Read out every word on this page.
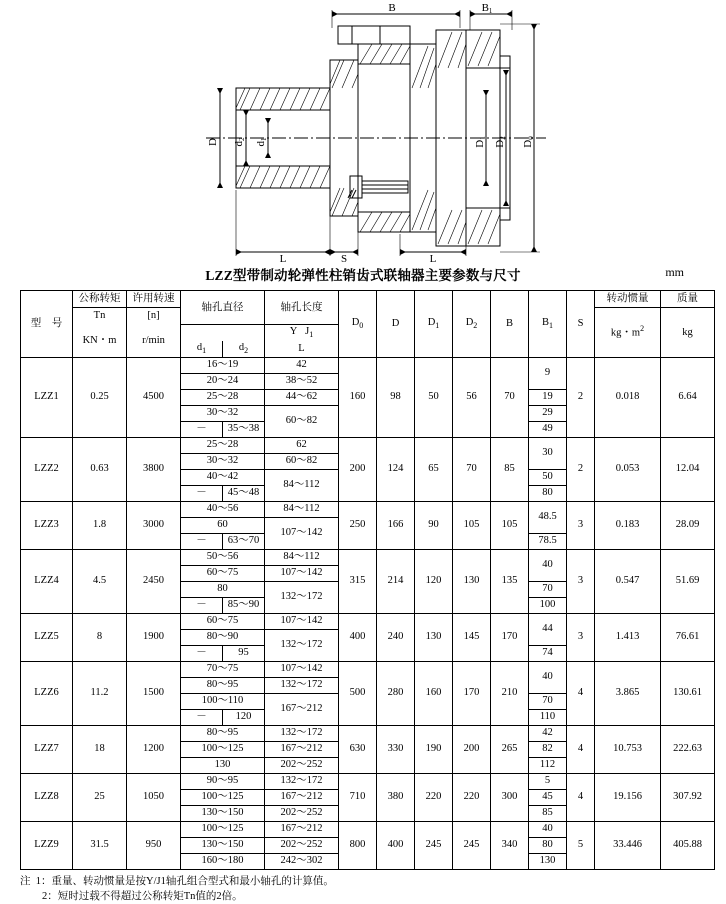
B	B1
D d2
d1
D1
D2
D0
L	S	L
LZZ型带制动轮弹性柱销齿式联轴器主要参数与尺寸	mm
型　号	公称转矩	许用转速	轴孔直径		轴孔长度	$D_0$	D	$D_1$	$D_2$	B	$B_1$	S	转动惯量	质量
	Tn	[n]											kg・$m^2$	kg
	KN・m	r/min			Y   $J_1$
			$d_1$	$d_2$	L									
LZZ1	0.25	4500	16～19		42	160	98	50	56	70	9	2	0.018	6.64
			20～24		38～52									
			25～28		44～62						19			
			30～32		60～82						29			
			－	35～38							49			
LZZ2	0.63	3800	25～28		62	200	124	65	70	85	30	2	0.053	12.04
			30～32		60～82									
			40～42		84～112						50			
			－	45～48							80			
LZZ3	1.8	3000	40～56		84～112	250	166	90	105	105	48.5	3	0.183	28.09
			60		107～142									
			－	63～70							78.5			
LZZ4	4.5	2450	50～56		84～112	315	214	120	130	135	40	3	0.547	51.69
			60～75		107～142									
			80		132～172						70			
			－	85～90							100			
LZZ5	8	1900	60～75		107～142	400	240	130	145	170	44	3	1.413	76.61
			80～90		132～172									
			－	95							74			
LZZ6	11.2	1500	70～75		107～142	500	280	160	170	210	40	4	3.865	130.61
			80～95		132～172									
			100～110		167～212						70			
			－	120							110			
LZZ7	18	1200	80～95		132～172	630	330	190	200	265	42	4	10.753	222.63
			100～125		167～212						82			
			130		202～252						112			
LZZ8	25	1050	90～95		132～172	710	380	220	220	300	5	4	19.156	307.92
			100～125		167～212						45			
			130～150		202～252						85			
LZZ9	31.5	950	100～125		167～212	800	400	245	245	340	40	5	33.446	405.88
			130～150		202～252						80			
			160～180		242～302						130			
注 1：重量、转动惯量是按Y/J1轴孔组合型式和最小轴孔的计算值。
2：短时过载不得超过公称转矩Tn值的2倍。
